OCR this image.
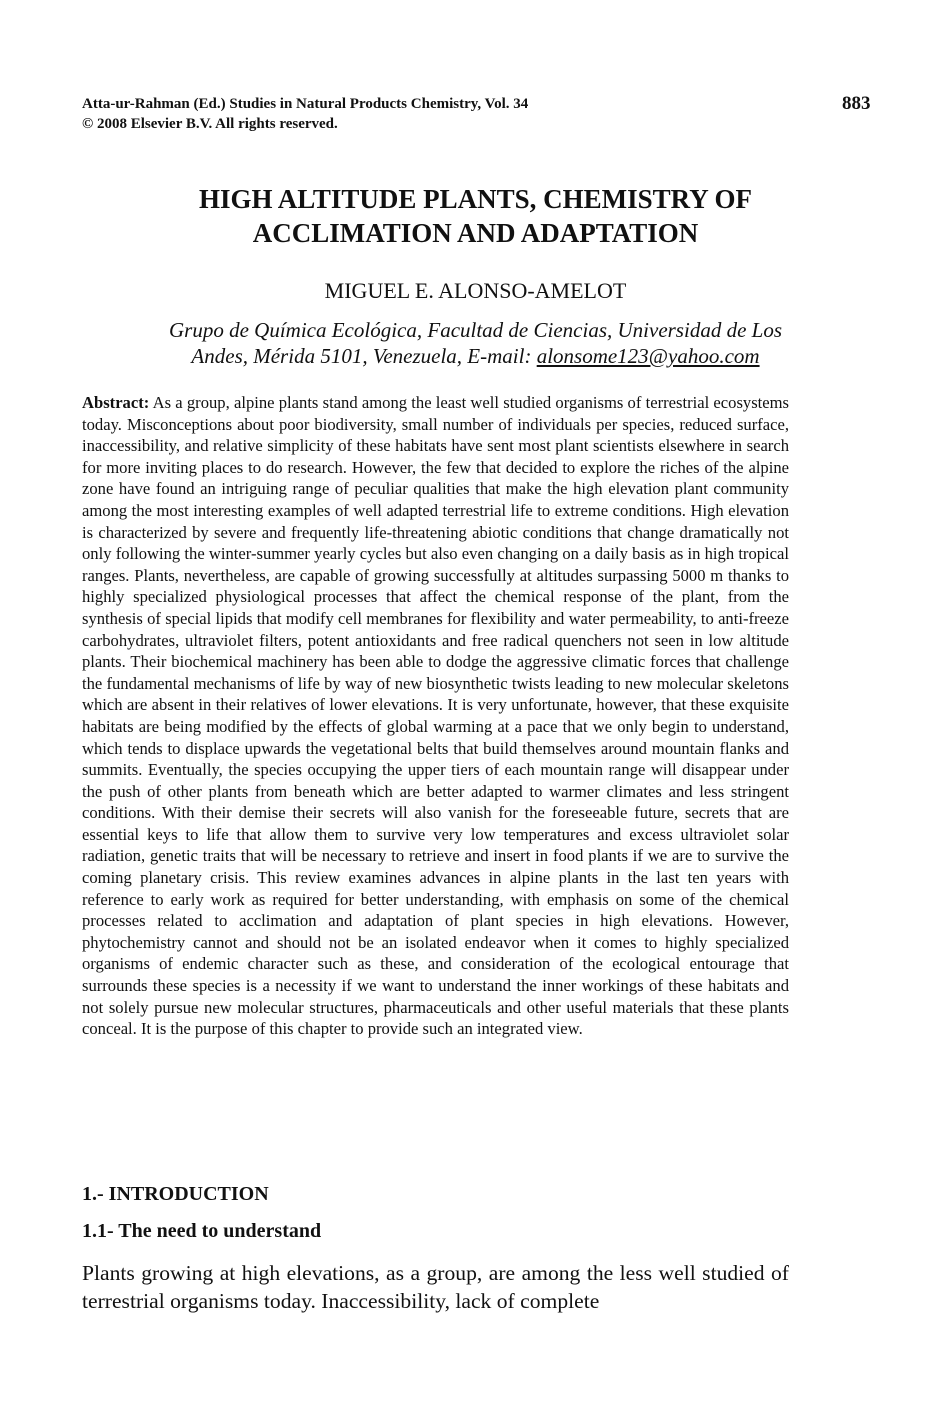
Atta-ur-Rahman (Ed.) Studies in Natural Products Chemistry, Vol. 34
© 2008 Elsevier B.V. All rights reserved.
883
HIGH ALTITUDE PLANTS, CHEMISTRY OF
ACCLIMATION AND ADAPTATION
MIGUEL E. ALONSO-AMELOT
Grupo de Química Ecológica, Facultad de Ciencias, Universidad de Los
Andes, Mérida 5101, Venezuela, E-mail: alonsome123@yahoo.com

Abstract: As a group, alpine plants stand among the least well studied organisms of terrestrial ecosystems today. Misconceptions about poor biodiversity, small number of individuals per species, reduced surface, inaccessibility, and relative simplicity of these habitats have sent most plant scientists elsewhere in search for more inviting places to do research. However, the few that decided to explore the riches of the alpine zone have found an intriguing range of peculiar qualities that make the high elevation plant community among the most interesting examples of well adapted terrestrial life to extreme conditions. High elevation is characterized by severe and frequently life-threatening abiotic conditions that change dramatically not only following the winter-summer yearly cycles but also even changing on a daily basis as in high tropical ranges. Plants, nevertheless, are capable of growing successfully at altitudes surpassing 5000 m thanks to highly specialized physiological processes that affect the chemical response of the plant, from the synthesis of special lipids that modify cell membranes for flexibility and water permeability, to anti-freeze carbohydrates, ultraviolet filters, potent antioxidants and free radical quenchers not seen in low altitude plants. Their biochemical machinery has been able to dodge the aggressive climatic forces that challenge the fundamental mechanisms of life by way of new biosynthetic twists leading to new molecular skeletons which are absent in their relatives of lower elevations. It is very unfortunate, however, that these exquisite habitats are being modified by the effects of global warming at a pace that we only begin to understand, which tends to displace upwards the vegetational belts that build themselves around mountain flanks and summits. Eventually, the species occupying the upper tiers of each mountain range will disappear under the push of other plants from beneath which are better adapted to warmer climates and less stringent conditions. With their demise their secrets will also vanish for the foreseeable future, secrets that are essential keys to life that allow them to survive very low temperatures and excess ultraviolet solar radiation, genetic traits that will be necessary to retrieve and insert in food plants if we are to survive the coming planetary crisis. This review examines advances in alpine plants in the last ten years with reference to early work as required for better understanding, with emphasis on some of the chemical processes related to acclimation and adaptation of plant species in high elevations. However, phytochemistry cannot and should not be an isolated endeavor when it comes to highly specialized organisms of endemic character such as these, and consideration of the ecological entourage that surrounds these species is a necessity if we want to understand the inner workings of these habitats and not solely pursue new molecular structures, pharmaceuticals and other useful materials that these plants conceal. It is the purpose of this chapter to provide such an integrated view.

1.- INTRODUCTION
1.1- The need to understand

Plants growing at high elevations, as a group, are among the less well studied of terrestrial organisms today. Inaccessibility, lack of complete
